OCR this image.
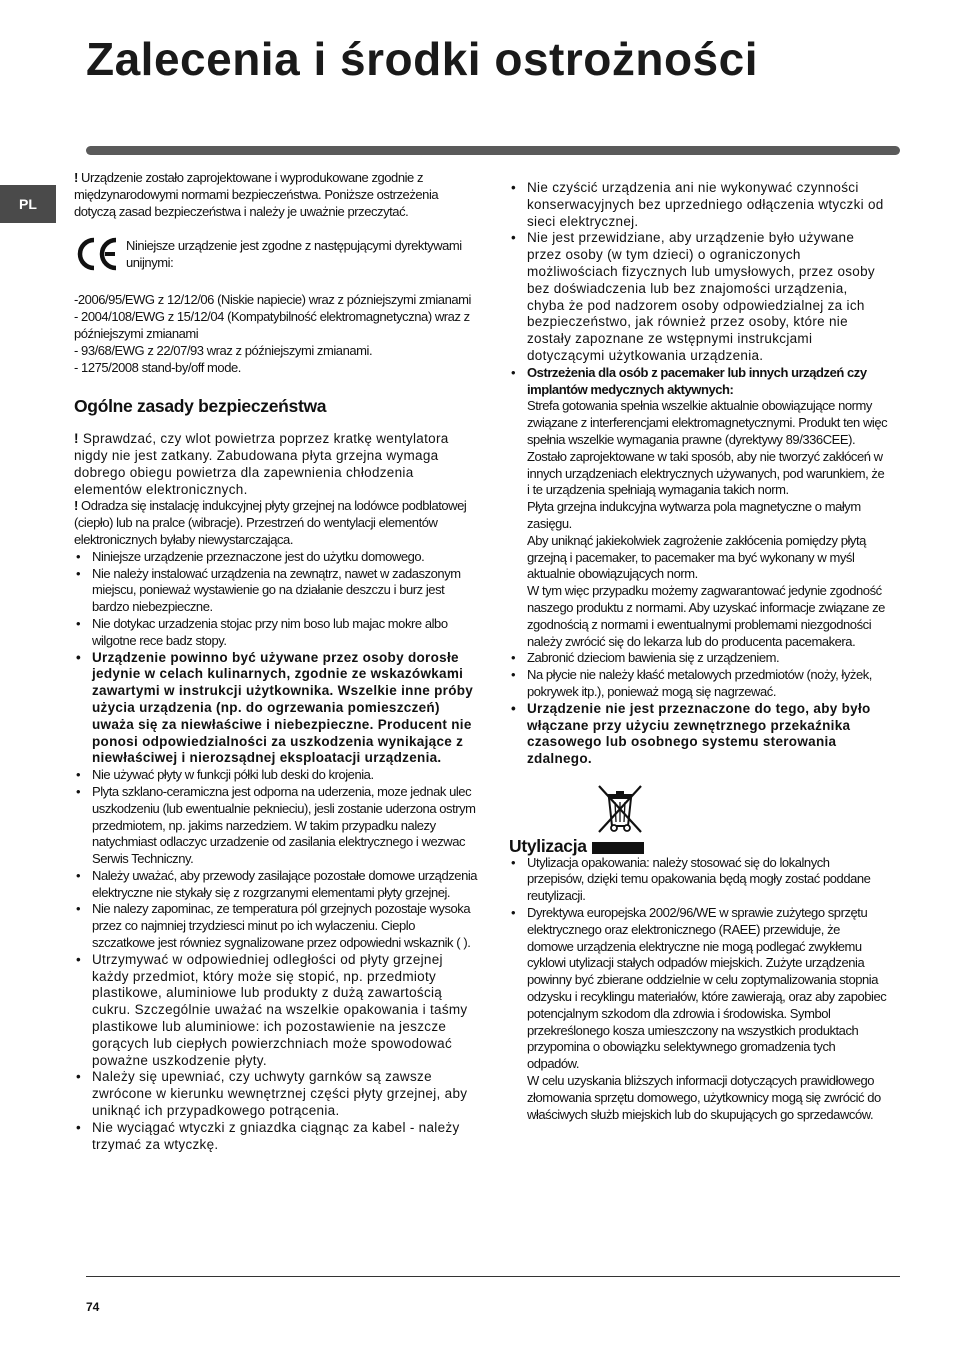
Zalecenia i środki ostrożności
PL

! Urządzenie zostało zaprojektowane i wyprodukowane zgodnie z międzynarodowymi normami bezpieczeństwa. Poniższe ostrzeżenia dotyczą zasad bezpieczeństwa i należy je uważnie przeczytać.

Niniejsze urządzenie jest zgodne z następującymi dyrektywami unijnymi:

-2006/95/EWG z 12/12/06 (Niskie napiecie) wraz z pózniejszymi zmianami

- 2004/108/EWG z 15/12/04 (Kompatybilność elektromagnetyczna) wraz z późniejszymi zmianami

- 93/68/EWG z 22/07/93 wraz z późniejszymi zmianami.

- 1275/2008 stand-by/off mode.

Ogólne zasady bezpieczeństwa

! Sprawdzać, czy wlot powietrza poprzez kratkę wentylatora nigdy nie jest zatkany. Zabudowana płyta grzejna wymaga dobrego obiegu powietrza dla zapewnienia chłodzenia elementów elektronicznych.

! Odradza się instalację indukcyjnej płyty grzejnej na lodówce podblatowej (ciepło) lub na pralce (wibracje). Przestrzeń do wentylacji elementów elektronicznych byłaby niewystarczająca.

• Niniejsze urządzenie przeznaczone jest do użytku domowego.
• Nie należy instalować urządzenia na zewnątrz, nawet w zadaszonym miejscu, ponieważ wystawienie go na działanie deszczu i burz jest bardzo niebezpieczne.
• Nie dotykac urzadzenia stojac przy nim boso lub majac mokre albo wilgotne rece badz stopy.
• Urządzenie powinno być używane przez osoby dorosłe jedynie w celach kulinarnych, zgodnie ze wskazówkami zawartymi w instrukcji użytkownika. Wszelkie inne próby użycia urządzenia (np. do ogrzewania pomieszczeń) uważa się za niewłaściwe i niebezpieczne. Producent nie ponosi odpowiedzialności za uszkodzenia wynikające z niewłaściwej i nierozsądnej eksploatacji urządzenia.
• Nie używać płyty w funkcji półki lub deski do krojenia.
• Plyta szklano-ceramiczna jest odporna na uderzenia, moze jednak ulec uszkodzeniu (lub ewentualnie peknieciu), jesli zostanie uderzona ostrym przedmiotem, np. jakims narzedziem. W takim przypadku nalezy natychmiast odlaczyc urzadzenie od zasilania elektrycznego i wezwac Serwis Techniczny.
• Należy uważać, aby przewody zasilające pozostałe domowe urządzenia elektryczne nie stykały się z rozgrzanymi elementami płyty grzejnej.
• Nie nalezy zapominac, ze temperatura pól grzejnych pozostaje wysoka przez co najmniej trzydziesci minut po ich wylaczeniu. Cieplo szczatkowe jest równiez sygnalizowane przez odpowiedni wskaznik ( ).
• Utrzymywać w odpowiedniej odległości od płyty grzejnej każdy przedmiot, który może się stopić, np. przedmioty plastikowe, aluminiowe lub produkty z dużą zawartością cukru. Szczególnie uważać na wszelkie opakowania i taśmy plastikowe lub aluminiowe: ich pozostawienie na jeszcze gorących lub ciepłych powierzchniach może spowodować poważne uszkodzenie płyty.
• Należy się upewniać, czy uchwyty garnków są zawsze zwrócone w kierunku wewnętrznej części płyty grzejnej, aby uniknąć ich przypadkowego potrącenia.
• Nie wyciągać wtyczki z gniazdka ciągnąc za kabel - należy trzymać za wtyczkę.
• Nie czyścić urządzenia ani nie wykonywać czynności konserwacyjnych bez uprzedniego odłączenia wtyczki od sieci elektrycznej.
• Nie jest przewidziane, aby urządzenie było używane przez osoby (w tym dzieci) o ograniczonych możliwościach fizycznych lub umysłowych, przez osoby bez doświadczenia lub bez znajomości urządzenia, chyba że pod nadzorem osoby odpowiedzialnej za ich bezpieczeństwo, jak również przez osoby, które nie zostały zapoznane ze wstępnymi instrukcjami dotyczącymi użytkowania urządzenia.

• Ostrzeżenia dla osób z pacemaker lub innych urządzeń czy implantów medycznych aktywnych:

Strefa gotowania spełnia wszelkie aktualnie obowiązujące normy związane z interferencjami elektromagnetycznymi. Produkt ten więc spełnia wszelkie wymagania prawne (dyrektywy 89/336CEE). Zostało zaprojektowane w taki sposób, aby nie tworzyć zakłóceń w innych urządzeniach elektrycznych używanych, pod warunkiem, że i te urządzenia spełniają wymagania takich norm.

Płyta grzejna indukcyjna wytwarza pola magnetyczne o małym zasięgu.

Aby uniknąć jakiekolwiek zagrożenie zakłócenia pomiędzy płytą grzejną i pacemaker, to pacemaker ma być wykonany w myśl aktualnie obowiązujących norm.

W tym więc przypadku możemy zagwarantować jedynie zgodność naszego produktu z normami. Aby uzyskać informacje związane ze zgodnością z normami i ewentualnymi problemami niezgodności należy zwrócić się do lekarza lub do producenta pacemakera.

• Zabronić dzieciom bawienia się z urządzeniem.
• Na płycie nie należy kłaść metalowych przedmiotów (noży, łyżek, pokrywek itp.), ponieważ mogą się nagrzewać.
• Urządzenie nie jest przeznaczone do tego, aby było włączane przy użyciu zewnętrznego przekaźnika czasowego lub osobnego systemu sterowania zdalnego.
Utylizacja
• Utylizacja opakowania: należy stosować się do lokalnych przepisów, dzięki temu opakowania będą mogły zostać poddane reutylizacji.

• Dyrektywa europejska 2002/96/WE w sprawie zużytego sprzętu elektrycznego oraz elektronicznego (RAEE) przewiduje, że domowe urządzenia elektryczne nie mogą podlegać zwykłemu cyklowi utylizacji stałych odpadów miejskich. Zużyte urządzenia powinny być zbierane oddzielnie w celu zoptymalizowania stopnia odzysku i recyklingu materiałów, które zawierają, oraz aby zapobiec potencjalnym szkodom dla zdrowia i środowiska. Symbol przekreślonego kosza umieszczony na wszystkich produktach przypomina o obowiązku selektywnego gromadzenia tych odpadów.

W celu uzyskania bliższych informacji dotyczących prawidłowego złomowania sprzętu domowego, użytkownicy mogą się zwrócić do właściwych służb miejskich lub do skupujących go sprzedawców.

74
